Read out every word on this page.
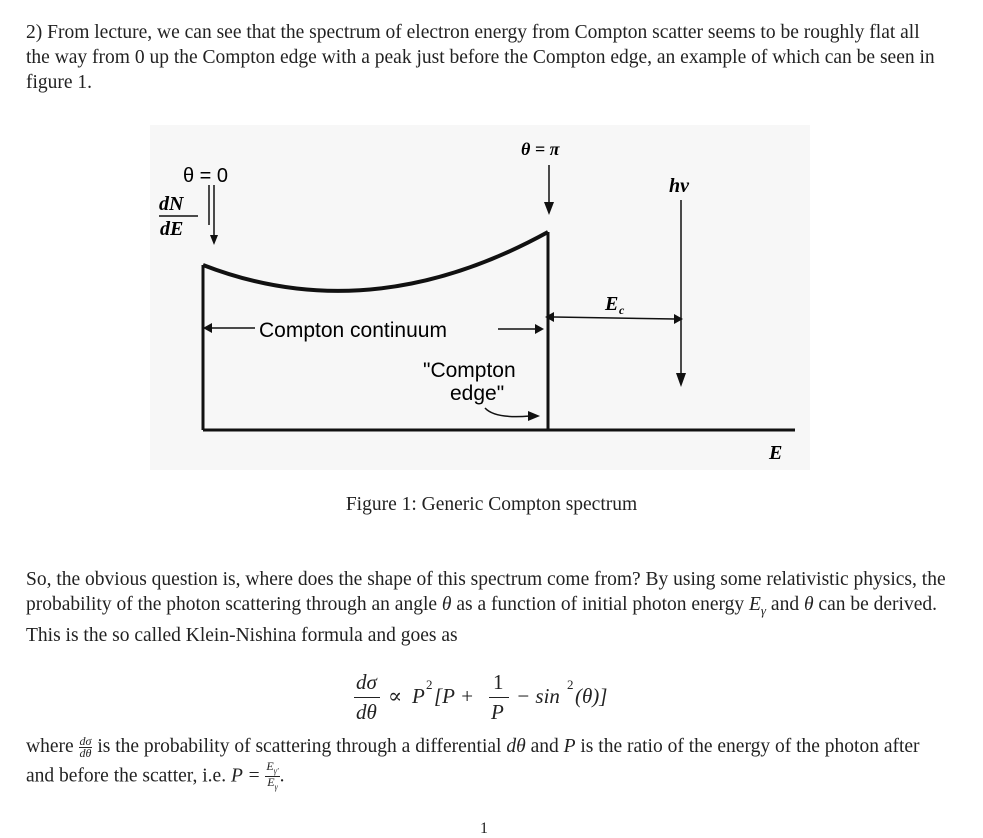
2) From lecture, we can see that the spectrum of electron energy from Compton scatter seems to be roughly flat all the way from 0 up the Compton edge with a peak just before the Compton edge, an example of which can be seen in figure 1.

θ = 0
θ = π
dN
dE
hν
E c
Compton continuum
"Compton
edge"
E
Figure 1: Generic Compton spectrum

So, the obvious question is, where does the shape of this spectrum come from? By using some relativistic physics, the probability of the photon scattering through an angle θ as a function of initial photon energy $E_\gamma$ and θ can be derived. This is the so called Klein-Nishina formula and goes as

dσ
dθ
∝ P 2 [P +
1
P
− sin 2 (θ)]

where $\frac{d\sigma}{d\theta}$ is the probability of scattering through a differential dθ and P is the ratio of the energy of the photon after and before the scatter, i.e. $P = \frac{E_{\gamma'}}{E_\gamma}$ .

1
